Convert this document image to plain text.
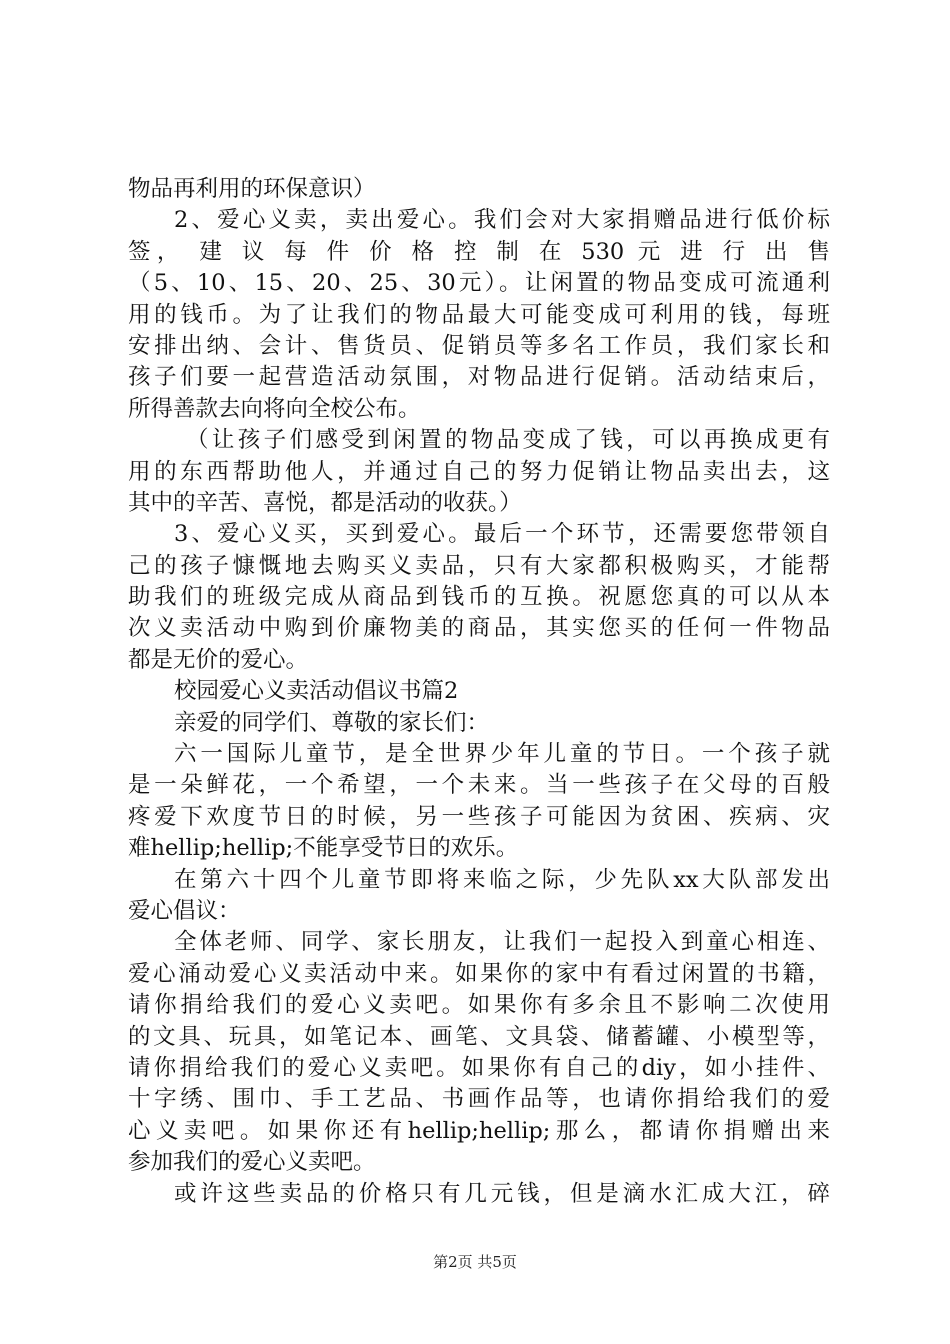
物品再利用的环保意识）
2、爱心义卖，卖出爱心。我们会对大家捐赠品进行低价标
签， 建 议 每 件 价 格 控 制 在 530 元 进 行 出 售
（5、10、15、20、25、30元）。让闲置的物品变成可流通利
用的钱币。为了让我们的物品最大可能变成可利用的钱，每班
安排出纳、会计、售货员、促销员等多名工作员，我们家长和
孩子们要一起营造活动氛围，对物品进行促销。活动结束后，
所得善款去向将向全校公布。
（让孩子们感受到闲置的物品变成了钱，可以再换成更有
用的东西帮助他人，并通过自己的努力促销让物品卖出去，这
其中的辛苦、喜悦，都是活动的收获。）
3、爱心义买，买到爱心。最后一个环节，还需要您带领自
己的孩子慷慨地去购买义卖品，只有大家都积极购买，才能帮
助我们的班级完成从商品到钱币的互换。祝愿您真的可以从本
次义卖活动中购到价廉物美的商品，其实您买的任何一件物品
都是无价的爱心。
校园爱心义卖活动倡议书篇2
亲爱的同学们、尊敬的家长们：
六一国际儿童节，是全世界少年儿童的节日。一个孩子就
是一朵鲜花，一个希望，一个未来。当一些孩子在父母的百般
疼爱下欢度节日的时候，另一些孩子可能因为贫困、疾病、灾
难hellip;hellip;不能享受节日的欢乐。
在第六十四个儿童节即将来临之际，少先队xx大队部发出
爱心倡议：
全体老师、同学、家长朋友，让我们一起投入到童心相连、
爱心涌动爱心义卖活动中来。如果你的家中有看过闲置的书籍，
请你捐给我们的爱心义卖吧。如果你有多余且不影响二次使用
的文具、玩具，如笔记本、画笔、文具袋、储蓄罐、小模型等，
请你捐给我们的爱心义卖吧。如果你有自己的diy，如小挂件、
十字绣、围巾、手工艺品、书画作品等，也请你捐给我们的爱
心义卖吧。如果你还有hellip;hellip;那么，都请你捐赠出来
参加我们的爱心义卖吧。
或许这些卖品的价格只有几元钱，但是滴水汇成大江，碎
第2页 共5页
